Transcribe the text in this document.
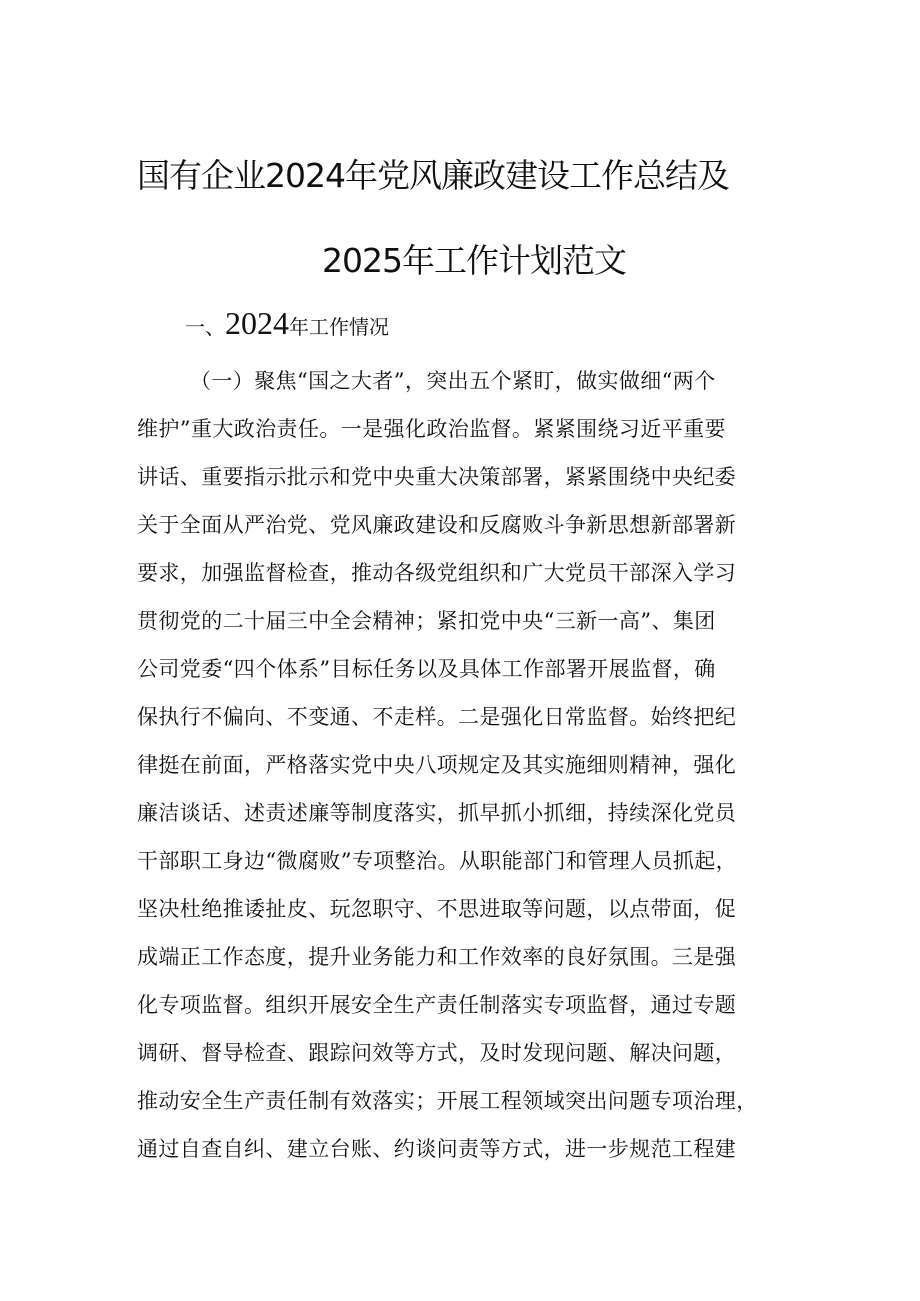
国有企业2024年党风廉政建设工作总结及
2025年工作计划范文
一、2024年工作情况
（一）聚焦“国之大者”，突出五个紧盯，做实做细“两个
维护”重大政治责任。一是强化政治监督。紧紧围绕习近平重要
讲话、重要指示批示和党中央重大决策部署，紧紧围绕中央纪委
关于全面从严治党、党风廉政建设和反腐败斗争新思想新部署新
要求，加强监督检查，推动各级党组织和广大党员干部深入学习
贯彻党的二十届三中全会精神；紧扣党中央“三新一高”、集团
公司党委“四个体系”目标任务以及具体工作部署开展监督，确
保执行不偏向、不变通、不走样。二是强化日常监督。始终把纪
律挺在前面，严格落实党中央八项规定及其实施细则精神，强化
廉洁谈话、述责述廉等制度落实，抓早抓小抓细，持续深化党员
干部职工身边“微腐败”专项整治。从职能部门和管理人员抓起，
坚决杜绝推诿扯皮、玩忽职守、不思进取等问题，以点带面，促
成端正工作态度，提升业务能力和工作效率的良好氛围。三是强
化专项监督。组织开展安全生产责任制落实专项监督，通过专题
调研、督导检查、跟踪问效等方式，及时发现问题、解决问题，
推动安全生产责任制有效落实；开展工程领域突出问题专项治理，
通过自查自纠、建立台账、约谈问责等方式，进一步规范工程建
